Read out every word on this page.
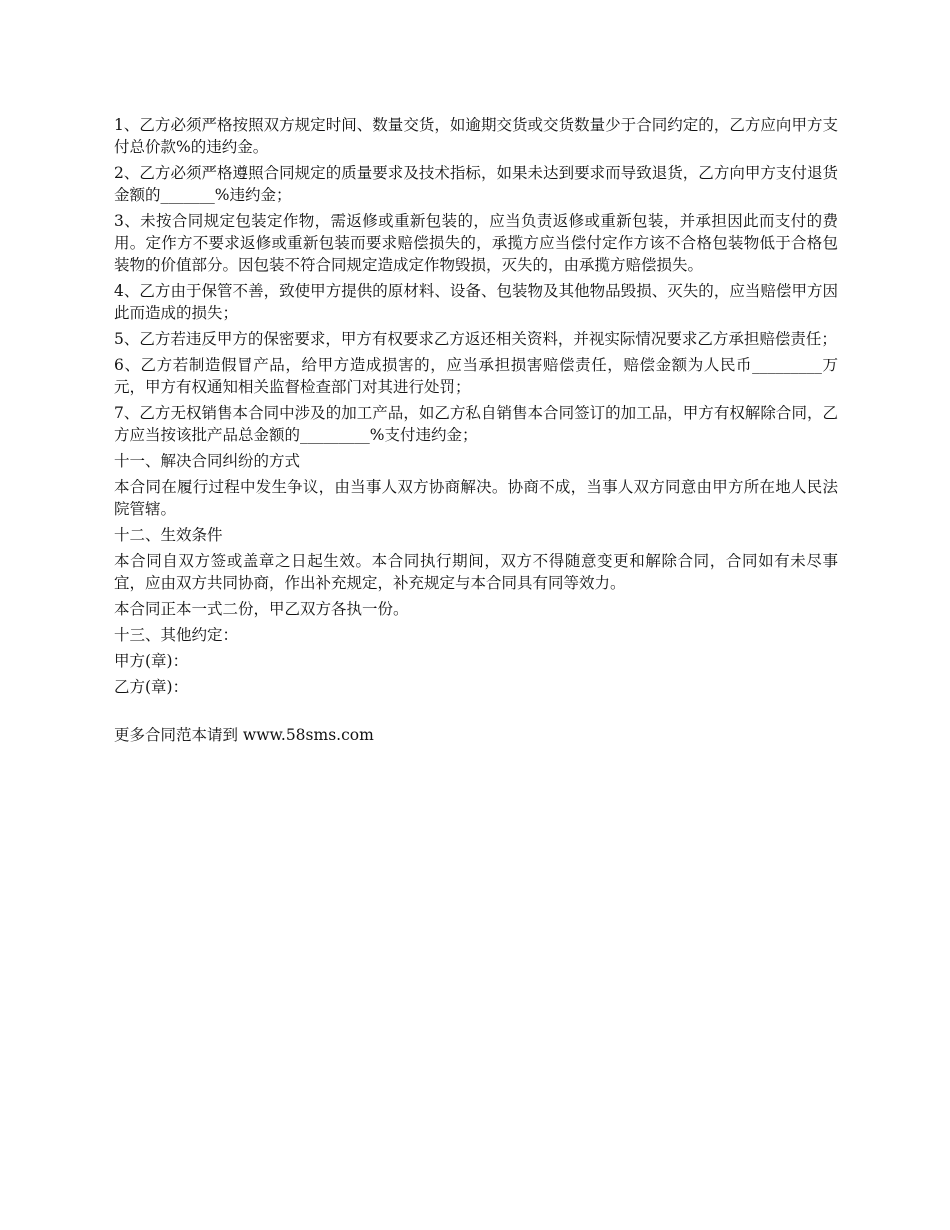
1、乙方必须严格按照双方规定时间、数量交货，如逾期交货或交货数量少于合同约定的，乙方应向甲方支付总价款%的违约金。

2、乙方必须严格遵照合同规定的质量要求及技术指标，如果未达到要求而导致退货，乙方向甲方支付退货金额的_______%违约金；

3、未按合同规定包装定作物，需返修或重新包装的，应当负责返修或重新包装，并承担因此而支付的费用。定作方不要求返修或重新包装而要求赔偿损失的，承揽方应当偿付定作方该不合格包装物低于合格包装物的价值部分。因包装不符合同规定造成定作物毁损，灭失的，由承揽方赔偿损失。

4、乙方由于保管不善，致使甲方提供的原材料、设备、包装物及其他物品毁损、灭失的，应当赔偿甲方因此而造成的损失；

5、乙方若违反甲方的保密要求，甲方有权要求乙方返还相关资料，并视实际情况要求乙方承担赔偿责任；

6、乙方若制造假冒产品，给甲方造成损害的，应当承担损害赔偿责任，赔偿金额为人民币_________万元，甲方有权通知相关监督检查部门对其进行处罚；

7、乙方无权销售本合同中涉及的加工产品，如乙方私自销售本合同签订的加工品，甲方有权解除合同，乙方应当按该批产品总金额的_________%支付违约金；

十一、解决合同纠纷的方式

本合同在履行过程中发生争议，由当事人双方协商解决。协商不成，当事人双方同意由甲方所在地人民法院管辖。

十二、生效条件

本合同自双方签或盖章之日起生效。本合同执行期间，双方不得随意变更和解除合同，合同如有未尽事宜，应由双方共同协商，作出补充规定，补充规定与本合同具有同等效力。

本合同正本一式二份，甲乙双方各执一份。

十三、其他约定：

甲方(章)：

乙方(章)：

更多合同范本请到 www.58sms.com
